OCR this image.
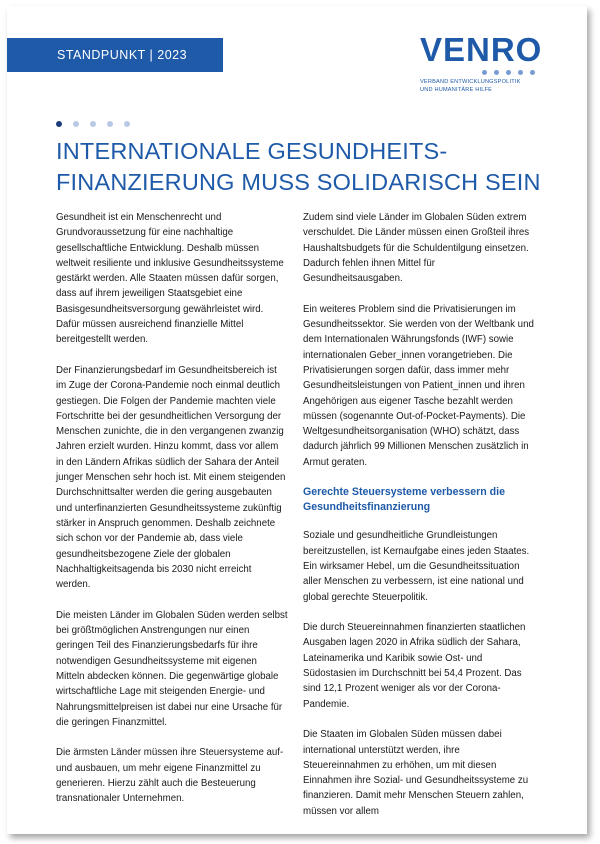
STANDPUNKT | 2023	VENRO
VERBAND ENTWICKLUNGSPOLITIK
UND HUMANITÄRE HILFE
INTERNATIONALE GESUNDHEITS-
FINANZIERUNG MUSS SOLIDARISCH SEIN

Gesundheit ist ein Menschenrecht und Grundvoraussetzung für eine nachhaltige gesellschaftliche Entwicklung. Deshalb müssen weltweit resiliente und inklusive Gesundheitssysteme gestärkt werden. Alle Staaten müssen dafür sorgen, dass auf ihrem jeweiligen Staatsgebiet eine Basisgesundheitsversorgung gewährleistet wird. Dafür müssen ausreichend finanzielle Mittel bereitgestellt werden.

Der Finanzierungsbedarf im Gesundheitsbereich ist im Zuge der Corona-Pandemie noch einmal deutlich gestiegen. Die Folgen der Pandemie machten viele Fortschritte bei der gesundheitlichen Versorgung der Menschen zunichte, die in den vergangenen zwanzig Jahren erzielt wurden. Hinzu kommt, dass vor allem in den Ländern Afrikas südlich der Sahara der Anteil junger Menschen sehr hoch ist. Mit einem steigenden Durchschnittsalter werden die gering ausgebauten und unterfinanzierten Gesundheitssysteme zukünftig stärker in Anspruch genommen. Deshalb zeichnete sich schon vor der Pandemie ab, dass viele gesundheitsbezogene Ziele der globalen Nachhaltigkeitsagenda bis 2030 nicht erreicht werden.

Die meisten Länder im Globalen Süden werden selbst bei größtmöglichen Anstrengungen nur einen geringen Teil des Finanzierungsbedarfs für ihre notwendigen Gesundheitssysteme mit eigenen Mitteln abdecken können. Die gegenwärtige globale wirtschaftliche Lage mit steigenden Energie- und Nahrungsmittelpreisen ist dabei nur eine Ursache für die geringen Finanzmittel.

Die ärmsten Länder müssen ihre Steuersysteme auf- und ausbauen, um mehr eigene Finanzmittel zu generieren. Hierzu zählt auch die Besteuerung transnationaler Unternehmen.

Zudem sind viele Länder im Globalen Süden extrem verschuldet. Die Länder müssen einen Großteil ihres Haushaltsbudgets für die Schuldentilgung einsetzen. Dadurch fehlen ihnen Mittel für Gesundheitsausgaben.

Ein weiteres Problem sind die Privatisierungen im Gesundheitssektor. Sie werden von der Weltbank und dem Internationalen Währungsfonds (IWF) sowie internationalen Geber_innen vorangetrieben. Die Privatisierungen sorgen dafür, dass immer mehr Gesundheitsleistungen von Patient_innen und ihren Angehörigen aus eigener Tasche bezahlt werden müssen (sogenannte Out-of-Pocket-Payments). Die Weltgesundheitsorganisation (WHO) schätzt, dass dadurch jährlich 99 Millionen Menschen zusätzlich in Armut geraten.

Gerechte Steuersysteme verbessern die Gesundheitsfinanzierung

Soziale und gesundheitliche Grundleistungen bereitzustellen, ist Kernaufgabe eines jeden Staates. Ein wirksamer Hebel, um die Gesundheitssituation aller Menschen zu verbessern, ist eine national und global gerechte Steuerpolitik.

Die durch Steuereinnahmen finanzierten staatlichen Ausgaben lagen 2020 in Afrika südlich der Sahara, Lateinamerika und Karibik sowie Ost- und Südostasien im Durchschnitt bei 54,4 Prozent. Das sind 12,1 Prozent weniger als vor der Corona-Pandemie.

Die Staaten im Globalen Süden müssen dabei international unterstützt werden, ihre Steuereinnahmen zu erhöhen, um mit diesen Einnahmen ihre Sozial- und Gesundheitssysteme zu finanzieren. Damit mehr Menschen Steuern zahlen, müssen vor allem
